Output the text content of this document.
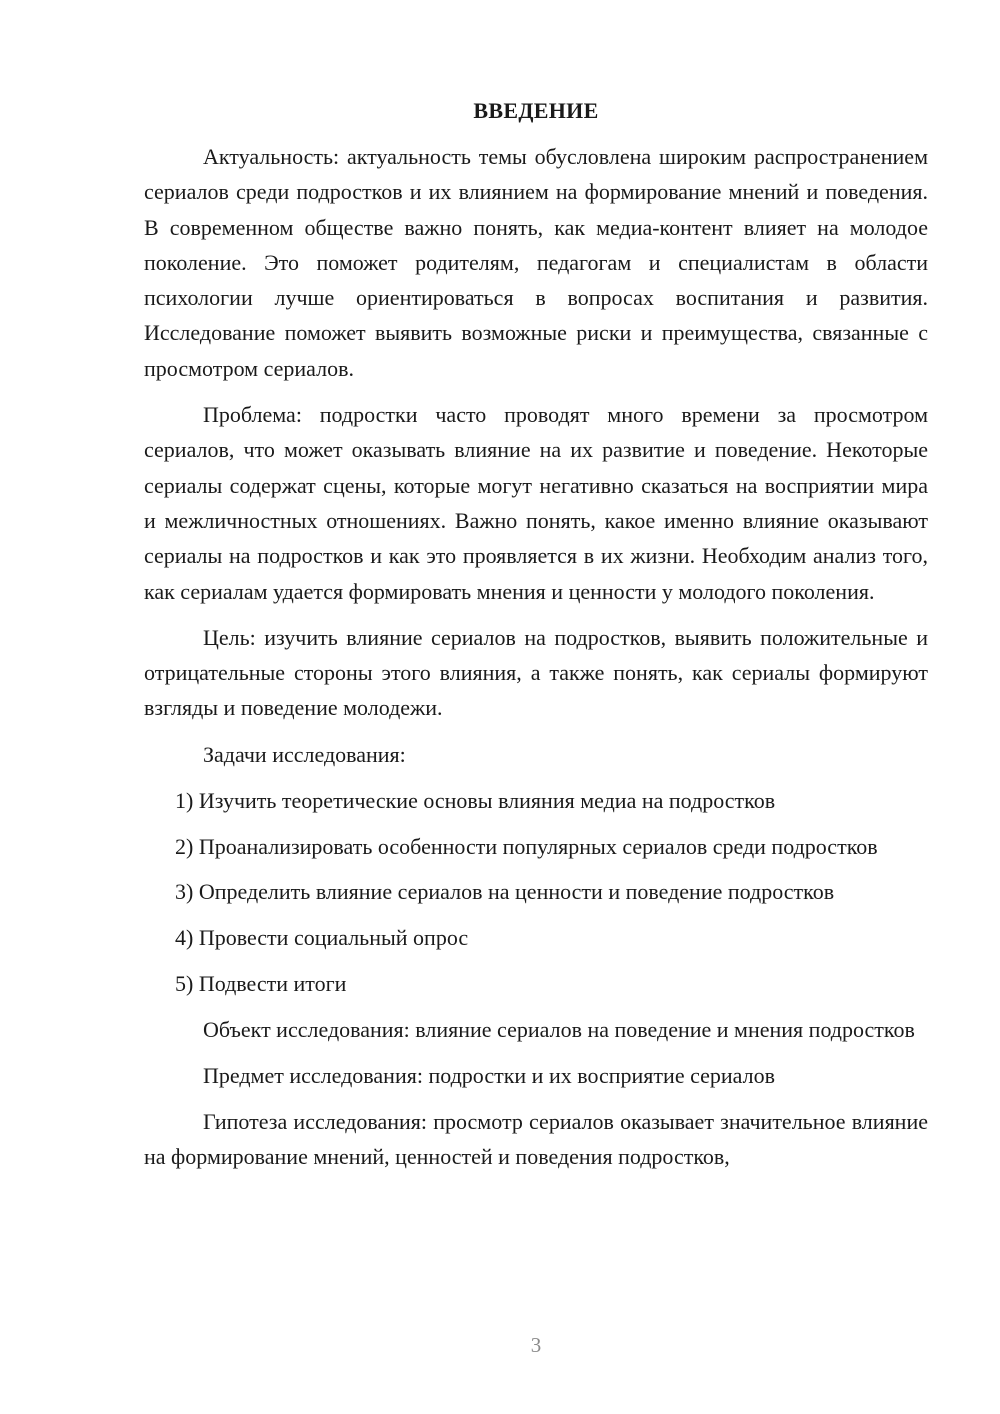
ВВЕДЕНИЕ

Актуальность: актуальность темы обусловлена широким распространением сериалов среди подростков и их влиянием на формирование мнений и поведения. В современном обществе важно понять, как медиа-контент влияет на молодое поколение. Это поможет родителям, педагогам и специалистам в области психологии лучше ориентироваться в вопросах воспитания и развития. Исследование поможет выявить возможные риски и преимущества, связанные с просмотром сериалов.

Проблема: подростки часто проводят много времени за просмотром сериалов, что может оказывать влияние на их развитие и поведение. Некоторые сериалы содержат сцены, которые могут негативно сказаться на восприятии мира и межличностных отношениях. Важно понять, какое именно влияние оказывают сериалы на подростков и как это проявляется в их жизни. Необходим анализ того, как сериалам удается формировать мнения и ценности у молодого поколения.

Цель: изучить влияние сериалов на подростков, выявить положительные и отрицательные стороны этого влияния, а также понять, как сериалы формируют взгляды и поведение молодежи.

Задачи исследования:

1) Изучить теоретические основы влияния медиа на подростков

2) Проанализировать особенности популярных сериалов среди подростков

3) Определить влияние сериалов на ценности и поведение подростков

4) Провести социальный опрос

5) Подвести итоги

Объект исследования: влияние сериалов на поведение и мнения подростков

Предмет исследования: подростки и их восприятие сериалов

Гипотеза исследования: просмотр сериалов оказывает значительное влияние на формирование мнений, ценностей и поведения подростков,

3
